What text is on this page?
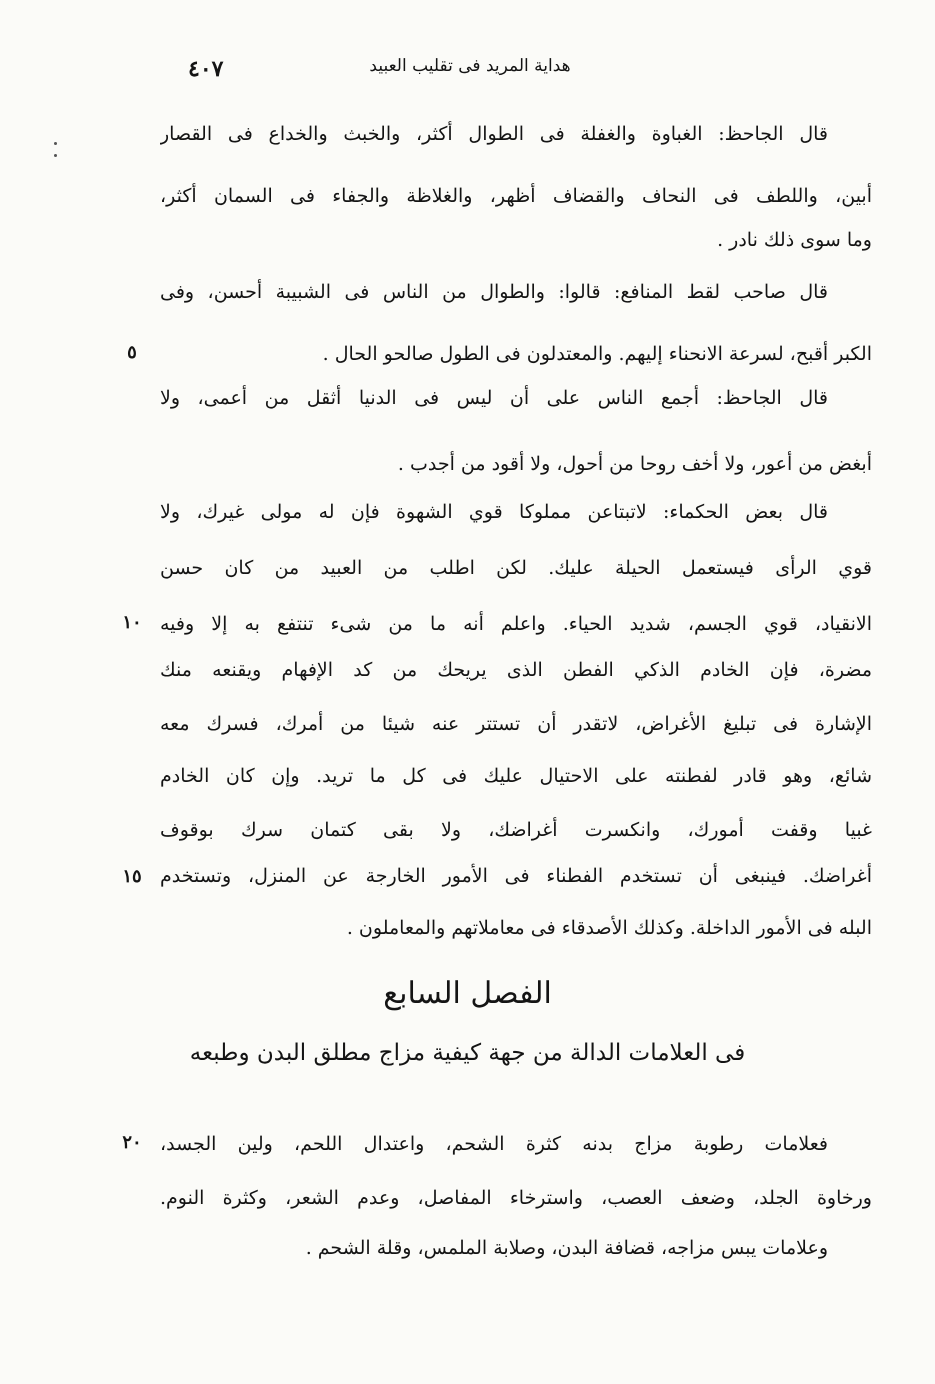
٤٠٧	هداية المريد فى تقليب العبيد
قال الجاحظ: الغباوة والغفلة فى الطوال أكثر، والخبث والخداع فى القصار
أبين، واللطف فى النحاف والقضاف أظهر، والغلاظة والجفاء فى السمان أكثر،
وما سوى ذلك نادر .
قال صاحب لقط المنافع: قالوا: والطوال من الناس فى الشبيبة أحسن، وفى
الكبر أقبح، لسرعة الانحناء إليهم. والمعتدلون فى الطول صالحو الحال .
قال الجاحظ: أجمع الناس على أن ليس فى الدنيا أثقل من أعمى، ولا
أبغض من أعور، ولا أخف روحا من أحول، ولا أقود من أجدب .
قال بعض الحكماء: لاتبتاعن مملوكا قوي الشهوة فإن له مولى غيرك، ولا
قوي الرأى فيستعمل الحيلة عليك. لكن اطلب من العبيد من كان حسن
الانقياد، قوي الجسم، شديد الحياء. واعلم أنه ما من شىء تنتفع به إلا وفيه
مضرة، فإن الخادم الذكي الفطن الذى يريحك من كد الإفهام ويقنعه منك
الإشارة فى تبليغ الأغراض، لاتقدر أن تستتر عنه شيئا من أمرك، فسرك معه
شائع، وهو قادر لفطنته على الاحتيال عليك فى كل ما تريد. وإن كان الخادم
غبيا وقفت أمورك، وانكسرت أغراضك، ولا بقى كتمان سرك بوقوف
أغراضك. فينبغى أن تستخدم الفطناء فى الأمور الخارجة عن المنزل، وتستخدم
البله فى الأمور الداخلة. وكذلك الأصدقاء فى معاملاتهم والمعاملون .
فعلامات رطوبة مزاج بدنه كثرة الشحم، واعتدال اللحم، ولين الجسد،
ورخاوة الجلد، وضعف العصب، واسترخاء المفاصل، وعدم الشعر، وكثرة النوم.
وعلامات يبس مزاجه، قضافة البدن، وصلابة الملمس، وقلة الشحم .
الفصل السابع
فى العلامات الدالة من جهة كيفية مزاج مطلق البدن وطبعه
٥
١٠
١٥
٢٠
